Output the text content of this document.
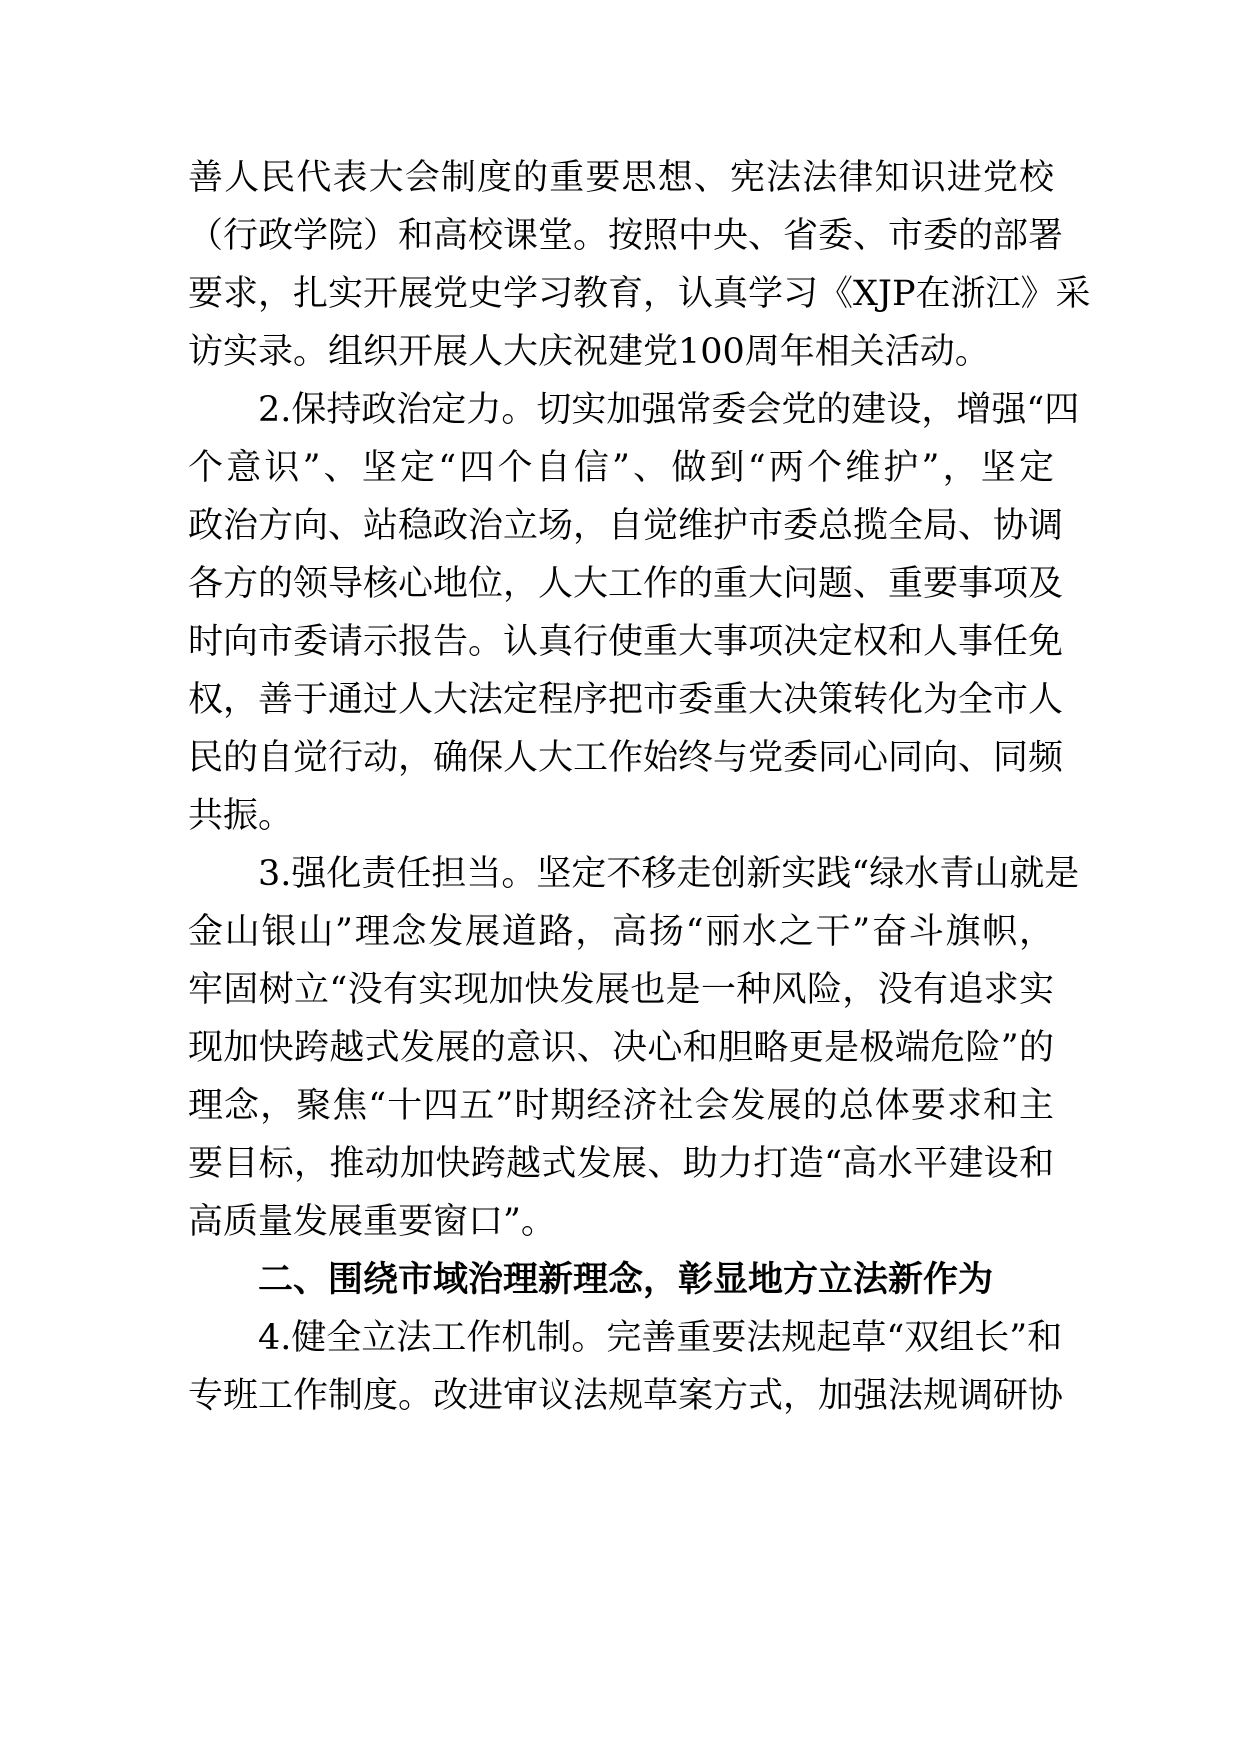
善人民代表大会制度的重要思想、宪法法律知识进党校
（行政学院）和高校课堂。按照中央、省委、市委的部署
要求，扎实开展党史学习教育，认真学习《XJP在浙江》采
访实录。组织开展人大庆祝建党100周年相关活动。
2.保持政治定力。切实加强常委会党的建设，增强“四
个意识”、坚定“四个自信”、做到“两个维护”，坚定
政治方向、站稳政治立场，自觉维护市委总揽全局、协调
各方的领导核心地位，人大工作的重大问题、重要事项及
时向市委请示报告。认真行使重大事项决定权和人事任免
权，善于通过人大法定程序把市委重大决策转化为全市人
民的自觉行动，确保人大工作始终与党委同心同向、同频
共振。
3.强化责任担当。坚定不移走创新实践“绿水青山就是
金山银山”理念发展道路，高扬“丽水之干”奋斗旗帜，
牢固树立“没有实现加快发展也是一种风险，没有追求实
现加快跨越式发展的意识、决心和胆略更是极端危险”的
理念，聚焦“十四五”时期经济社会发展的总体要求和主
要目标，推动加快跨越式发展、助力打造“高水平建设和
高质量发展重要窗口”。
二、围绕市域治理新理念，彰显地方立法新作为
4.健全立法工作机制。完善重要法规起草“双组长”和
专班工作制度。改进审议法规草案方式，加强法规调研协
